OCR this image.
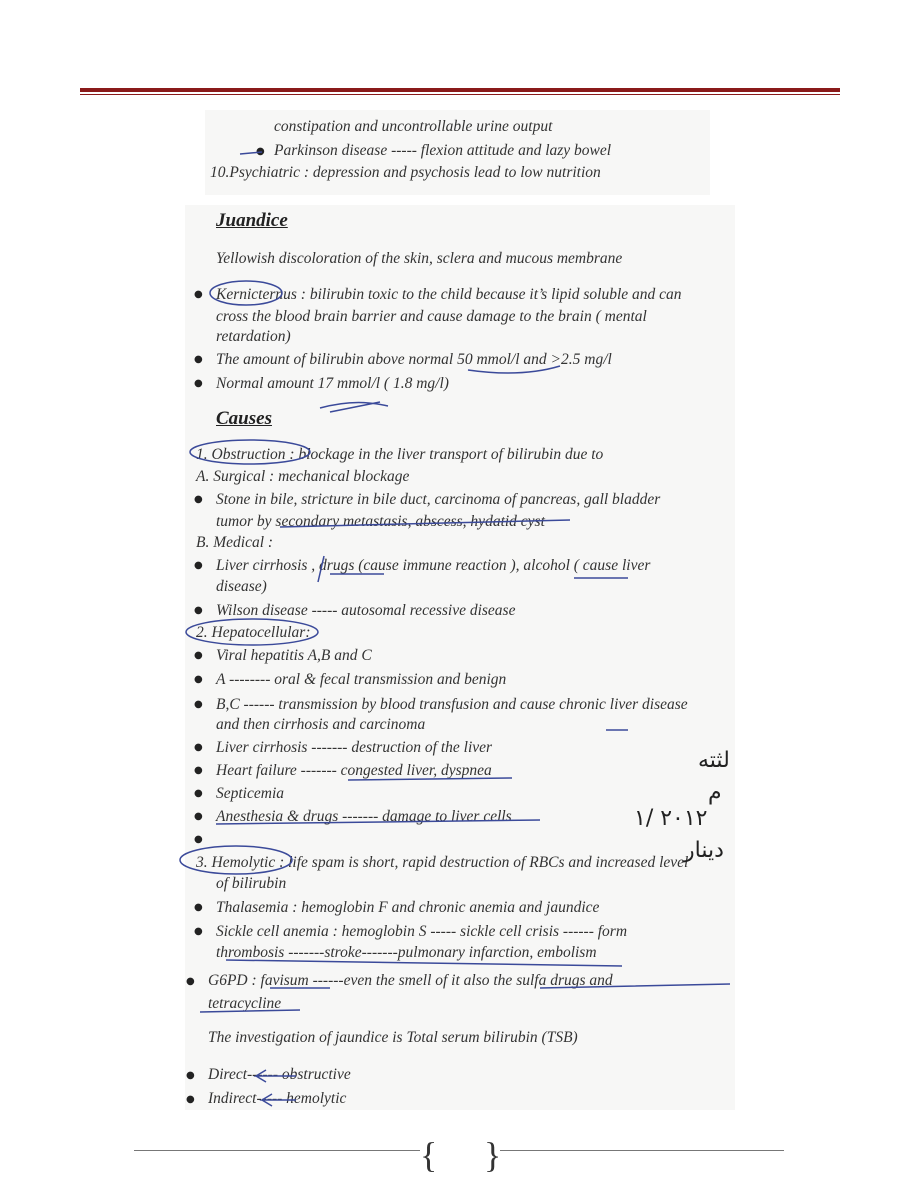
constipation and uncontrollable urine output
● Parkinson disease ----- flexion attitude and lazy bowel
10.Psychiatric : depression and psychosis lead to low nutrition
Juandice
Yellowish discoloration of the skin, sclera and mucous membrane
● Kernicternus : bilirubin toxic to the child because it’s lipid soluble and can
cross the blood brain barrier and cause damage to the brain ( mental
retardation)
● The amount of bilirubin above normal 50 mmol/l and >2.5 mg/l
● Normal amount 17 mmol/l ( 1.8 mg/l)
Causes
1. Obstruction : blockage in the liver transport of bilirubin due to
A. Surgical : mechanical blockage
● Stone in bile, stricture in bile duct, carcinoma of pancreas, gall bladder
tumor by secondary metastasis, abscess, hydatid cyst
B. Medical :
● Liver cirrhosis , drugs (cause immune reaction ), alcohol ( cause liver
disease)
● Wilson disease ----- autosomal recessive disease
2. Hepatocellular:
● Viral hepatitis A,B and C
● A -------- oral & fecal transmission and benign
● B,C ------ transmission by blood transfusion and cause chronic liver disease
and then cirrhosis and carcinoma
● Liver cirrhosis ------- destruction of the liver
● Heart failure ------- congested liver, dyspnea
● Septicemia
● Anesthesia & drugs ------- damage to liver cells
●
3. Hemolytic : life spam is short, rapid destruction of RBCs and increased level
of bilirubin
● Thalasemia : hemoglobin F and chronic anemia and jaundice
● Sickle cell anemia : hemoglobin S ----- sickle cell crisis ------ form
thrombosis -------stroke-------pulmonary infarction, embolism
● G6PD : favisum ------even the smell of it also the sulfa drugs and
tetracycline
The investigation of jaundice is Total serum bilirubin (TSB)
● Direct------ obstructive
● Indirect----- hemolytic
لثته
م
٢٠١٢ /١
دينار
{ }
